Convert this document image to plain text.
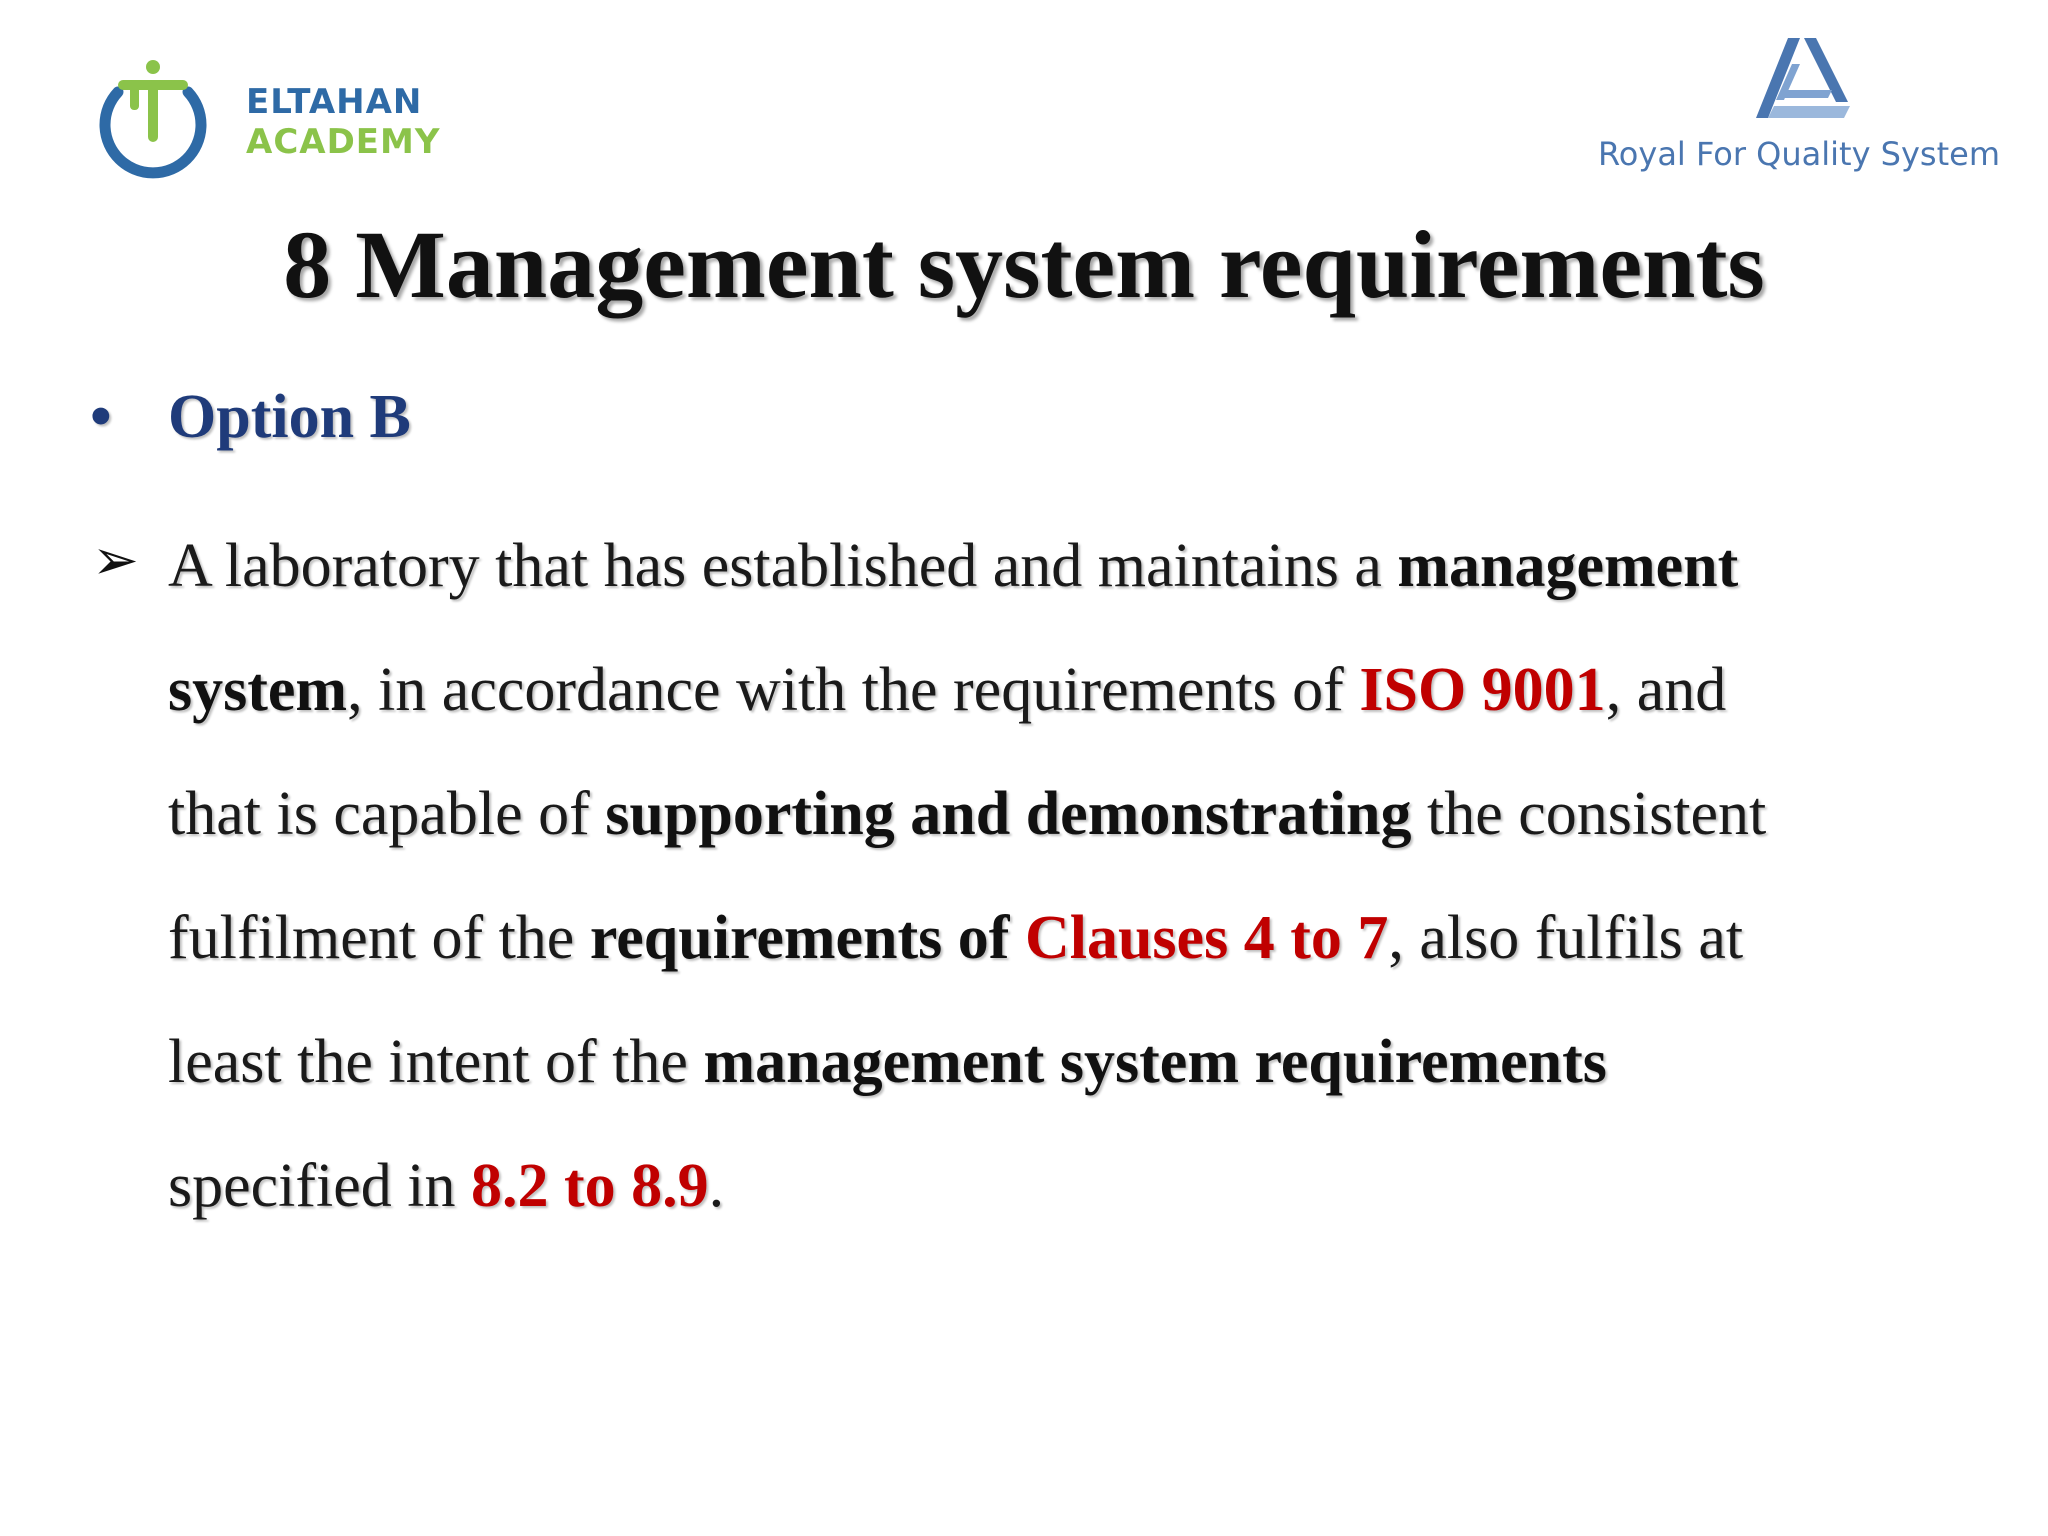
ELTAHAN
ACADEMY	Royal For Quality System
8 Management system requirements
• Option B
➢ A laboratory that has established and maintains a management
system, in accordance with the requirements of ISO 9001, and
that is capable of supporting and demonstrating the consistent
fulfilment of the requirements of Clauses 4 to 7, also fulfils at
least the intent of the management system requirements
specified in 8.2 to 8.9.
